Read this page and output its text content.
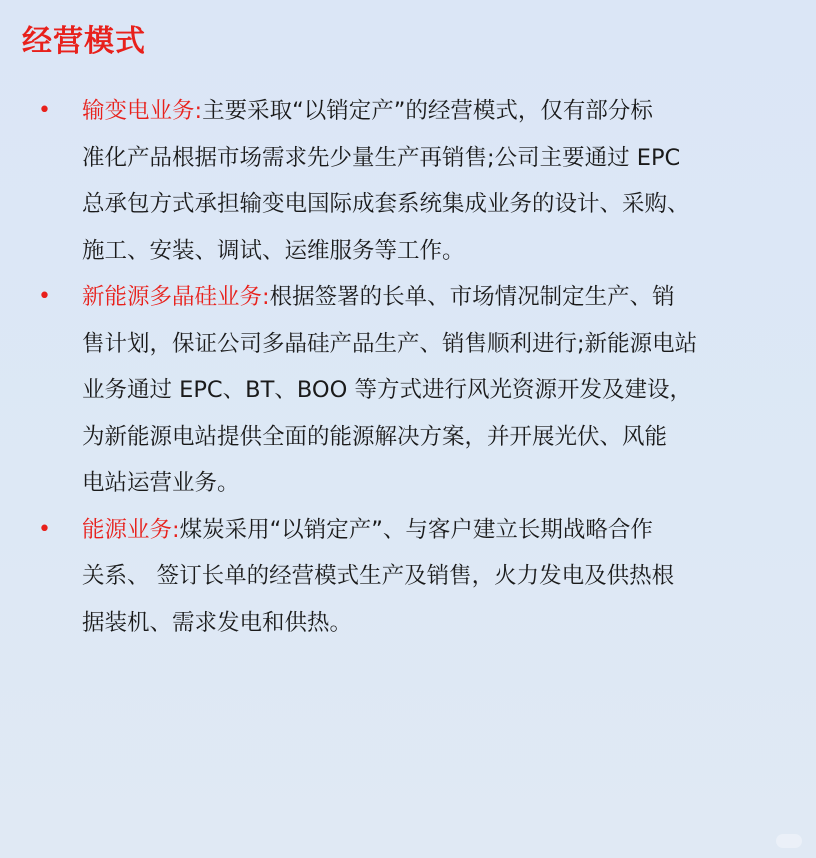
经营模式
• 输变电业务:主要采取“以销定产”的经营模式，仅有部分标
准化产品根据市场需求先少量生产再销售;公司主要通过 EPC
总承包方式承担输变电国际成套系统集成业务的设计、采购、
施工、安装、调试、运维服务等工作。
• 新能源多晶硅业务:根据签署的长单、市场情况制定生产、销
售计划，保证公司多晶硅产品生产、销售顺利进行;新能源电站
业务通过 EPC、BT、BOO 等方式进行风光资源开发及建设，
为新能源电站提供全面的能源解决方案，并开展光伏、风能
电站运营业务。
• 能源业务:煤炭采用“以销定产”、与客户建立长期战略合作
关系、 签订长单的经营模式生产及销售，火力发电及供热根
据装机、需求发电和供热。
